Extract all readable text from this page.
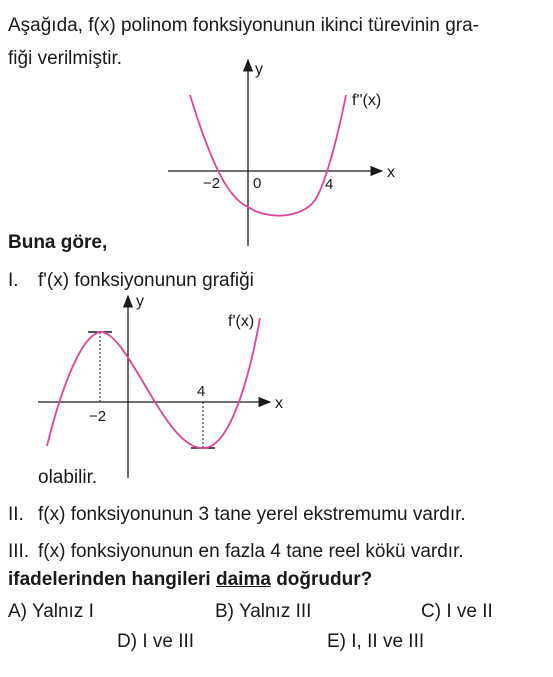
Aşağıda, f(x) polinom fonksiyonunun ikinci türevinin gra-
fiği verilmiştir.
y
x
f''(x)
−2 0	4
Buna göre,
I. f'(x) fonksiyonunun grafiği
y
x
f'(x)
−2
4
olabilir.
II. f(x) fonksiyonunun 3 tane yerel ekstremumu vardır.
III. f(x) fonksiyonunun en fazla 4 tane reel kökü vardır.
ifadelerinden hangileri daima doğrudur?
A) Yalnız I	B) Yalnız III	C) I ve II
D) I ve III	E) I, II ve III
